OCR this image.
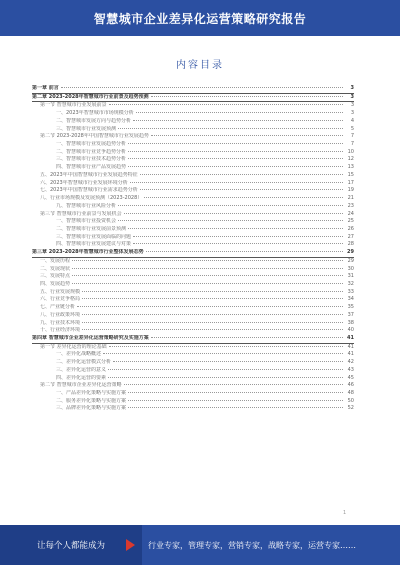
智慧城市企业差异化运营策略研究报告
内容目录
第一章 前言	3
第二章 2023-2028年智慧城市行业前景及趋势预测	3
第一节 智慧城市行业发展前景	3
一、2023年智慧城市市场规模分析	3
二、智慧城市发展方向与趋势分析	4
三、智慧城市行业发展预测	5
第二节 2023-2028年中国智慧城市行业发展趋势	7
一、智慧城市行业发展趋势分析	7
二、智慧城市行业竞争趋势分析	10
三、智慧城市行业技术趋势分析	12
四、智慧城市行业产品发展趋势	13
五、2023年中国智慧城市行业发展趋势特征	15
六、2023年智慧城市行业发展环境分析	17
七、2023年中国智慧城市行业需求趋势分析	19
八、行业市场规模及发展预测（2023-2028）	21
九、智慧城市行业风险分析	23
第三节 智慧城市行业前景与发展机会	24
一、智慧城市行业投资机会	25
二、智慧城市行业发展前景预测	26
三、智慧城市行业发展面临的问题	27
四、智慧城市行业发展建议与对策	28
第三章 2023-2028年智慧城市行业整体发展态势	29
一、发展历程	29
二、发展现状	30
三、发展特点	31
四、发展趋势	32
五、行业发展规模	33
六、行业竞争格局	34
七、产业链分析	35
八、行业政策环境	37
九、行业技术环境	38
十、行业经济环境	40
第四章 智慧城市企业差异化运营策略研究及实施方案	41
第一节 差异化运营的理论基础	41
一、差异化战略概述	41
二、差异化运营模式分析	42
三、差异化运营的意义	43
四、差异化运营的要素	45
第二节 智慧城市企业差异化运营策略	46
一、产品差异化策略与实施方案	48
二、服务差异化策略与实施方案	50
三、品牌差异化策略与实施方案	52
1
让每个人都能成为	行业专家，管理专家，营销专家，战略专家，运营专家……
